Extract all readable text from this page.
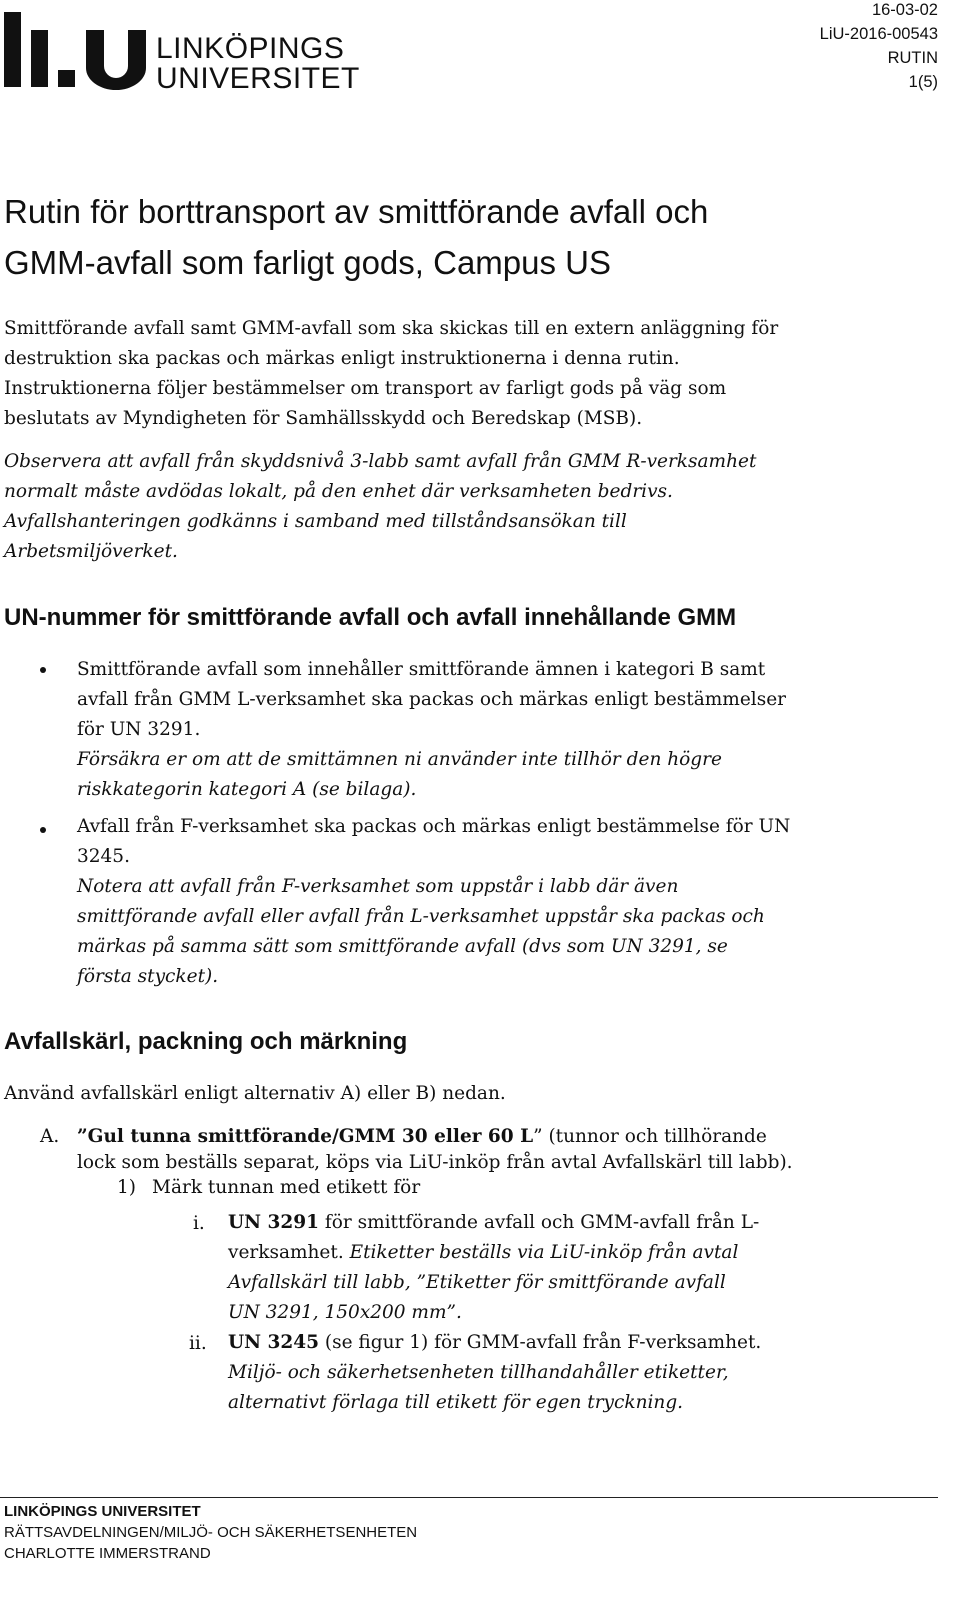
LINKÖPINGS
UNIVERSITET
16-03-02
LiU-2016-00543
RUTIN
1(5)
Rutin för borttransport av smittförande avfall och
GMM-avfall som farligt gods, Campus US
Smittförande avfall samt GMM-avfall som ska skickas till en extern anläggning för
destruktion ska packas och märkas enligt instruktionerna i denna rutin.
Instruktionerna följer bestämmelser om transport av farligt gods på väg som
beslutats av Myndigheten för Samhällsskydd och Beredskap (MSB).
Observera att avfall från skyddsnivå 3-labb samt avfall från GMM R-verksamhet
normalt måste avdödas lokalt, på den enhet där verksamheten bedrivs.
Avfallshanteringen godkänns i samband med tillståndsansökan till
Arbetsmiljöverket.
UN-nummer för smittförande avfall och avfall innehållande GMM
Smittförande avfall som innehåller smittförande ämnen i kategori B samt
avfall från GMM L-verksamhet ska packas och märkas enligt bestämmelser
för UN 3291.
Försäkra er om att de smittämnen ni använder inte tillhör den högre
riskkategorin kategori A (se bilaga).
Avfall från F-verksamhet ska packas och märkas enligt bestämmelse för UN
3245.
Notera att avfall från F-verksamhet som uppstår i labb där även
smittförande avfall eller avfall från L-verksamhet uppstår ska packas och
märkas på samma sätt som smittförande avfall (dvs som UN 3291, se
första stycket).
Avfallskärl, packning och märkning
Använd avfallskärl enligt alternativ A) eller B) nedan.
A. ”Gul tunna smittförande/GMM 30 eller 60 L” (tunnor och tillhörande
lock som beställs separat, köps via LiU-inköp från avtal Avfallskärl till labb).
1) Märk tunnan med etikett för
i. UN 3291 för smittförande avfall och GMM-avfall från L-
verksamhet. Etiketter beställs via LiU-inköp från avtal
Avfallskärl till labb, ”Etiketter för smittförande avfall
UN 3291, 150x200 mm”.
ii. UN 3245 (se figur 1) för GMM-avfall från F-verksamhet.
Miljö- och säkerhetsenheten tillhandahåller etiketter,
alternativt förlaga till etikett för egen tryckning.
LINKÖPINGS UNIVERSITET
RÄTTSAVDELNINGEN/MILJÖ- OCH SÄKERHETSENHETEN
CHARLOTTE IMMERSTRAND
